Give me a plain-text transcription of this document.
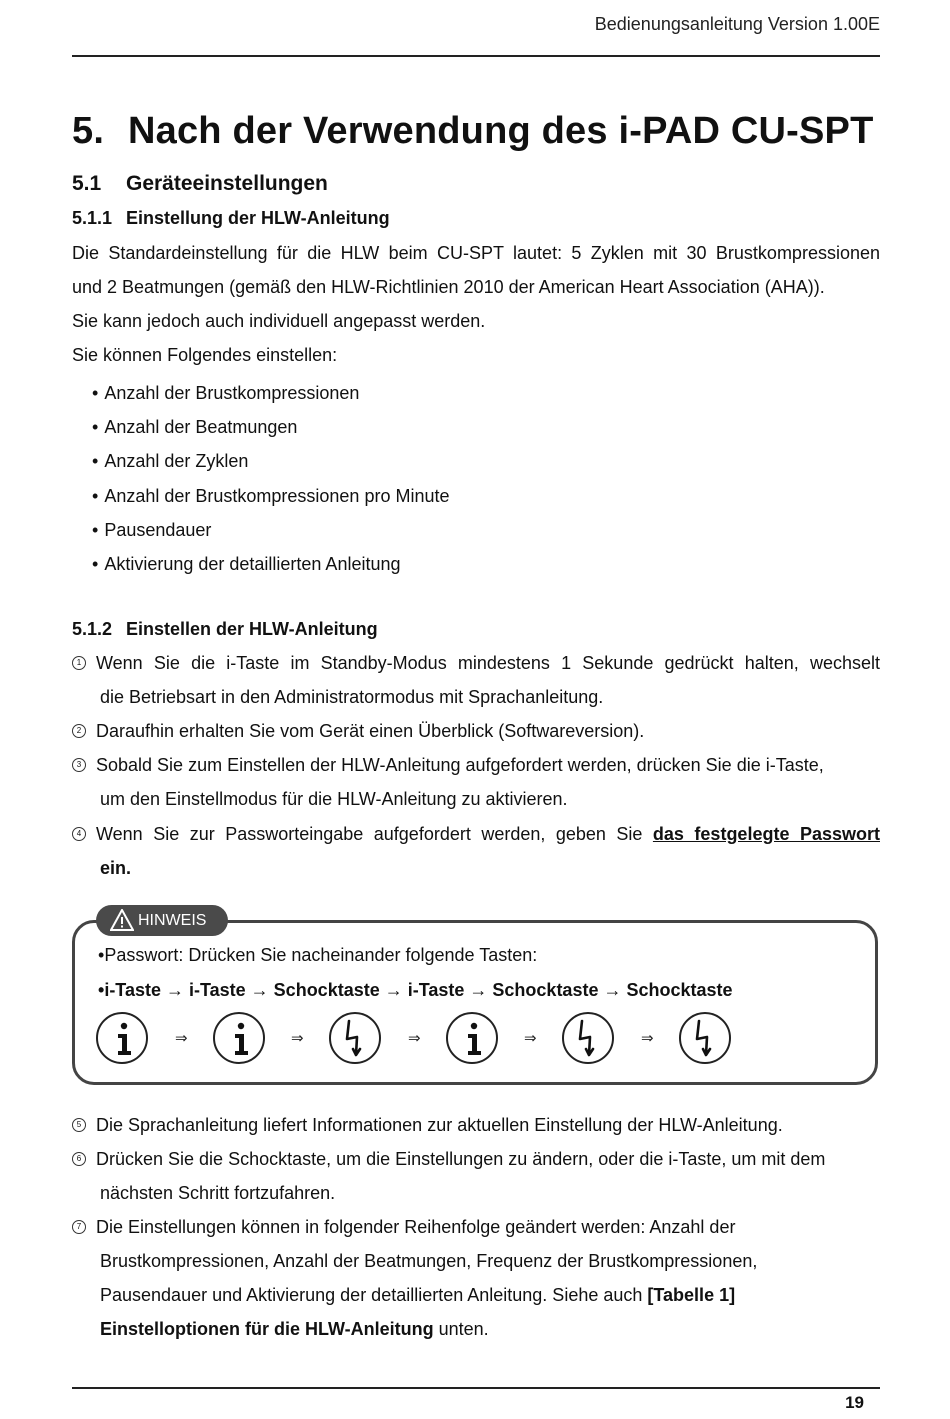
Bedienungsanleitung Version 1.00E
5. Nach der Verwendung des i-PAD CU-SPT
5.1 Geräteeinstellungen
5.1.1 Einstellung der HLW-Anleitung

Die Standardeinstellung für die HLW beim CU-SPT lautet: 5 Zyklen mit 30 Brustkompressionen

und 2 Beatmungen (gemäß den HLW-Richtlinien 2010 der American Heart Association (AHA)).

Sie kann jedoch auch individuell angepasst werden.

Sie können Folgendes einstellen:

• Anzahl der Brustkompressionen
• Anzahl der Beatmungen
• Anzahl der Zyklen
• Anzahl der Brustkompressionen pro Minute
• Pausendauer
• Aktivierung der detaillierten Anleitung
5.1.2 Einstellen der HLW-Anleitung
1 Wenn Sie die i-Taste im Standby-Modus mindestens 1 Sekunde gedrückt halten, wechselt
die Betriebsart in den Administratormodus mit Sprachanleitung.
2 Daraufhin erhalten Sie vom Gerät einen Überblick (Softwareversion).
3 Sobald Sie zum Einstellen der HLW-Anleitung aufgefordert werden, drücken Sie die i-Taste,
um den Einstellmodus für die HLW-Anleitung zu aktivieren.
4 Wenn Sie zur Passworteingabe aufgefordert werden, geben Sie das festgelegte Passwort
ein.
HINWEIS

• Passwort: Drücken Sie nacheinander folgende Tasten:

• i-Taste → i-Taste → Schocktaste → i-Taste → Schocktaste → Schocktaste

⇒	⇒	⇒	⇒	⇒
5 Die Sprachanleitung liefert Informationen zur aktuellen Einstellung der HLW-Anleitung.
6 Drücken Sie die Schocktaste, um die Einstellungen zu ändern, oder die i-Taste, um mit dem
nächsten Schritt fortzufahren.
7 Die Einstellungen können in folgender Reihenfolge geändert werden: Anzahl der
Brustkompressionen, Anzahl der Beatmungen, Frequenz der Brustkompressionen,
Pausendauer und Aktivierung der detaillierten Anleitung. Siehe auch [Tabelle 1]
Einstelloptionen für die HLW-Anleitung unten.
19
